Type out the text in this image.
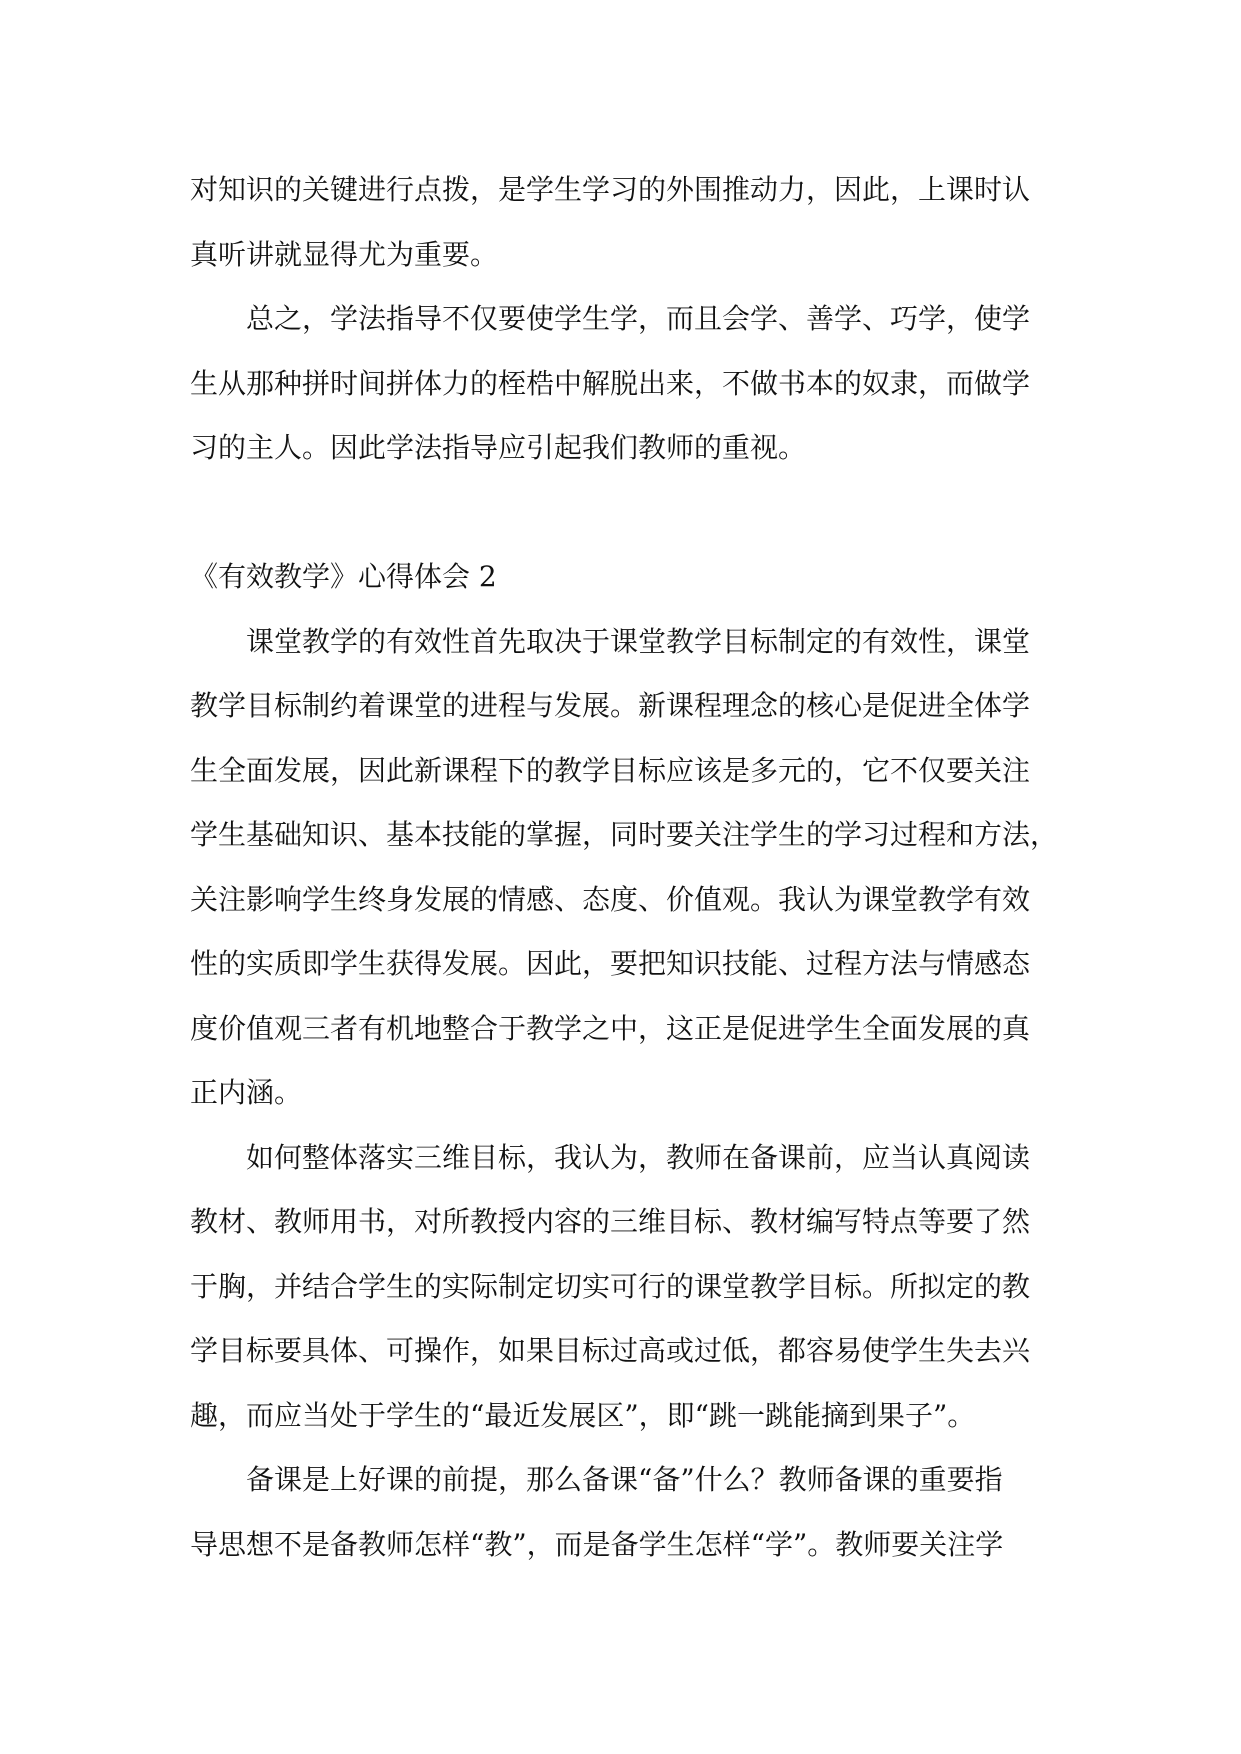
对知识的关键进行点拨，是学生学习的外围推动力，因此，上课时认

真听讲就显得尤为重要。

总之，学法指导不仅要使学生学，而且会学、善学、巧学，使学

生从那种拼时间拼体力的桎梏中解脱出来，不做书本的奴隶，而做学

习的主人。因此学法指导应引起我们教师的重视。

《有效教学》心得体会 2

课堂教学的有效性首先取决于课堂教学目标制定的有效性，课堂

教学目标制约着课堂的进程与发展。新课程理念的核心是促进全体学

生全面发展，因此新课程下的教学目标应该是多元的，它不仅要关注

学生基础知识、基本技能的掌握，同时要关注学生的学习过程和方法，

关注影响学生终身发展的情感、态度、价值观。我认为课堂教学有效

性的实质即学生获得发展。因此，要把知识技能、过程方法与情感态

度价值观三者有机地整合于教学之中，这正是促进学生全面发展的真

正内涵。

如何整体落实三维目标，我认为，教师在备课前，应当认真阅读

教材、教师用书，对所教授内容的三维目标、教材编写特点等要了然

于胸，并结合学生的实际制定切实可行的课堂教学目标。所拟定的教

学目标要具体、可操作，如果目标过高或过低，都容易使学生失去兴

趣，而应当处于学生的“最近发展区”，即“跳一跳能摘到果子”。

备课是上好课的前提，那么备课“备”什么？教师备课的重要指

导思想不是备教师怎样“教”，而是备学生怎样“学”。教师要关注学
